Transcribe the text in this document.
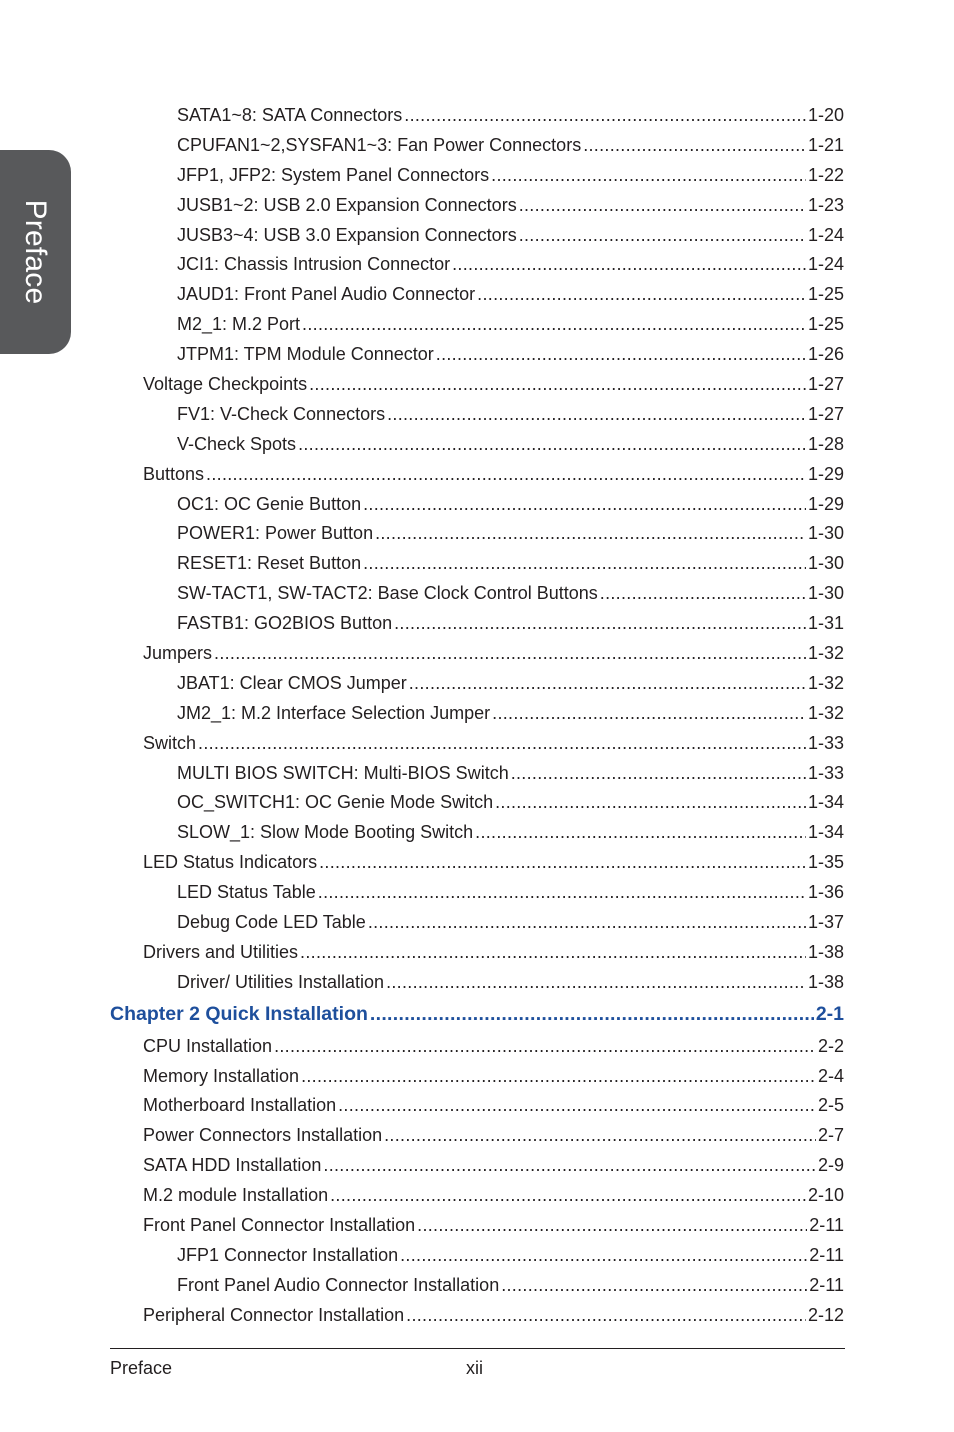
Preface
SATA1~8: SATA Connectors .....	1-20
CPUFAN1~2,SYSFAN1~3: Fan Power Connectors .....	1-21
JFP1, JFP2: System Panel Connectors .....	1-22
JUSB1~2: USB 2.0 Expansion Connectors .....	1-23
JUSB3~4: USB 3.0 Expansion Connectors .....	1-24
JCI1: Chassis Intrusion Connector .....	1-24
JAUD1: Front Panel Audio Connector .....	1-25
M2_1: M.2 Port .....	1-25
JTPM1: TPM Module Connector .....	1-26
Voltage Checkpoints .....	1-27
FV1: V-Check Connectors .....	1-27
V-Check Spots .....	1-28
Buttons .....	1-29
OC1: OC Genie Button .....	1-29
POWER1: Power Button .....	1-30
RESET1: Reset Button .....	1-30
SW-TACT1, SW-TACT2: Base Clock Control Buttons .....	1-30
FASTB1: GO2BIOS Button .....	1-31
Jumpers .....	1-32
JBAT1: Clear CMOS Jumper .....	1-32
JM2_1: M.2 Interface Selection Jumper .....	1-32
Switch .....	1-33
MULTI BIOS SWITCH: Multi-BIOS Switch .....	1-33
OC_SWITCH1: OC Genie Mode Switch .....	1-34
SLOW_1: Slow Mode Booting Switch .....	1-34
LED Status Indicators .....	1-35
LED Status Table .....	1-36
Debug Code LED Table .....	1-37
Drivers and Utilities .....	1-38
Driver/ Utilities Installation .....	1-38
Chapter 2 Quick Installation .....	2-1
CPU Installation .....	2-2
Memory Installation .....	2-4
Motherboard Installation .....	2-5
Power Connectors Installation .....	2-7
SATA HDD Installation .....	2-9
M.2 module Installation .....	2-10
Front Panel Connector Installation .....	2-11
JFP1 Connector Installation .....	2-11
Front Panel Audio Connector Installation .....	2-11
Peripheral Connector Installation .....	2-12
Preface	xii
